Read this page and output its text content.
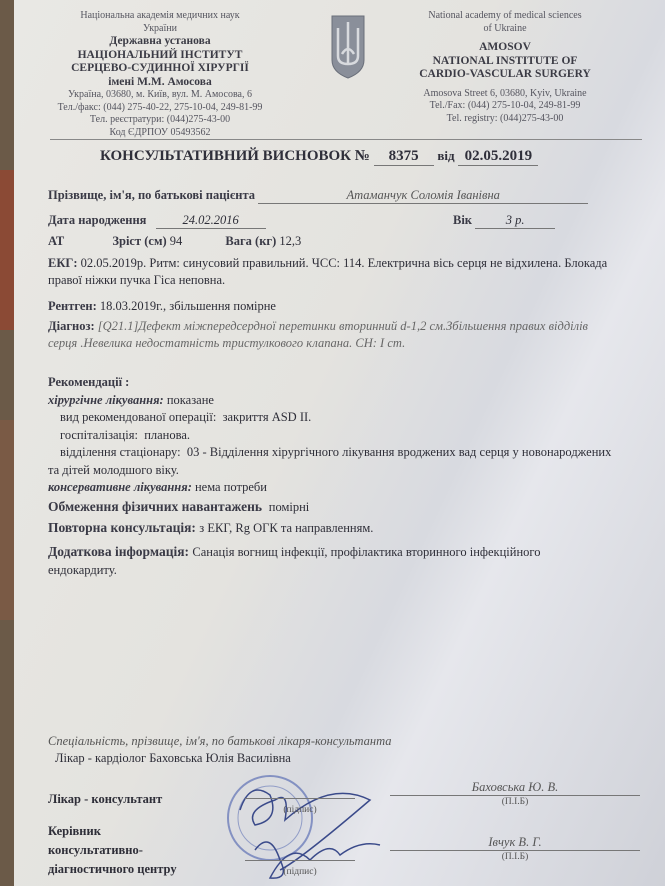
Національна академія медичних наук
України
Державна установа
НАЦІОНАЛЬНИЙ ІНСТИТУТ
СЕРЦЕВО-СУДИННОЇ ХІРУРГІЇ
імені М.М. Амосова
Україна, 03680, м. Київ, вул. М. Амосова, 6
Тел./факс: (044) 275-40-22, 275-10-04, 249-81-99
Тел. реєстратури: (044)275-43-00
Код ЄДРПОУ 05493562
National academy of medical sciences
of Ukraine
AMOSOV
NATIONAL INSTITUTE OF
CARDIO-VASCULAR SURGERY
Amosova Street 6, 03680, Kyiv, Ukraine
Tel./Fax: (044) 275-10-04, 249-81-99
Tel. registry: (044)275-43-00
КОНСУЛЬТАТИВНИЙ ВИСНОВОК № 8375 від 02.05.2019
Прізвище, ім'я, по батькові пацієнта	Атаманчук Соломія Іванівна
Дата народження	24.02.2016	Вік	3 р.
АТ	Зріст (см) 94	Вага (кг) 12,3
ЕКГ: 02.05.2019р. Ритм: синусовий правильний. ЧСС: 114. Електрична вісь серця не відхилена. Блокада правої ніжки пучка Гіса неповна.
Рентген: 18.03.2019г., збільшення помірне
Діагноз: [Q21.1]Дефект міжпередсердної перетинки вторинний d-1,2 см.Збільшення правих відділів серця .Невелика недостатність тристулкового клапана. СН: I ст.
Рекомендації :
хірургічне лікування: показане
вид рекомендованої операції: закриття ASD II.
госпіталізація: планова.
відділення стаціонару: 03 - Відділення хірургічного лікування вроджених вад серця у новонароджених та дітей молодшого віку.
консервативне лікування: нема потреби
Обмеження фізичних навантажень помірні
Повторна консультація: з ЕКГ, Rg ОГК та направленням.
Додаткова інформація: Санація вогнищ інфекції, профілактика вторинного інфекційного ендокардиту.
Спеціальність, прізвище, ім'я, по батькові лікаря-консультанта
Лікар - кардіолог Баховська Юлія Василівна
Лікар - консультант
(підпис)
Баховська Ю. В.
(П.І.Б)
Керівник
консультативно-
діагностичного центру	(підпис)
Івчук В. Г.
(П.І.Б)
